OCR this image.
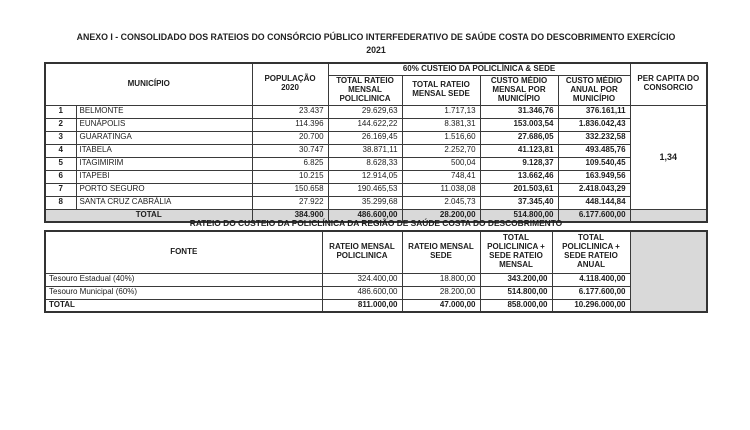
ANEXO I - CONSOLIDADO DOS RATEIOS DO CONSÓRCIO PÚBLICO INTERFEDERATIVO DE SAÚDE COSTA DO DESCOBRIMENTO EXERCÍCIO
2021
MUNICÍPIO		POPULAÇÃO 2020	60% CUSTEIO DA POLICLÍNICA & SEDE				PER CAPITA DO CONSORCIO
			TOTAL RATEIO MENSAL POLICLINICA	TOTAL RATEIO MENSAL SEDE	CUSTO MÉDIO MENSAL POR MUNICÍPIO	CUSTO MÉDIO ANUAL POR MUNICÍPIO	
1	BELMONTE	23.437	29.629,63	1.717,13	31.346,76	376.161,11	1,34
2	EUNÁPOLIS	114.396	144.622,22	8.381,31	153.003,54	1.836.042,43	
3	GUARATINGA	20.700	26.169,45	1.516,60	27.686,05	332.232,58	
4	ITABELA	30.747	38.871,11	2.252,70	41.123,81	493.485,76	
5	ITAGIMIRIM	6.825	8.628,33	500,04	9.128,37	109.540,45	
6	ITAPEBI	10.215	12.914,05	748,41	13.662,46	163.949,56	
7	PORTO SEGURO	150.658	190.465,53	11.038,08	201.503,61	2.418.043,29	
8	SANTA CRUZ CABRÁLIA	27.922	35.299,68	2.045,73	37.345,40	448.144,84	
TOTAL		384.900	486.600,00	28.200,00	514.800,00	6.177.600,00	
RATEIO DO CUSTEIO DA POLICLÍNICA DA REGIÃO DE SAÚDE COSTA DO DESCOBRIMENTO
FONTE	RATEIO MENSAL POLICLINICA	RATEIO MENSAL SEDE	TOTAL POLICLINICA + SEDE RATEIO MENSAL	TOTAL POLICLINICA + SEDE RATEIO ANUAL	
Tesouro Estadual (40%)	324.400,00	18.800,00	343.200,00	4.118.400,00	
Tesouro Municipal (60%)	486.600,00	28.200,00	514.800,00	6.177.600,00	
TOTAL	811.000,00	47.000,00	858.000,00	10.296.000,00	
